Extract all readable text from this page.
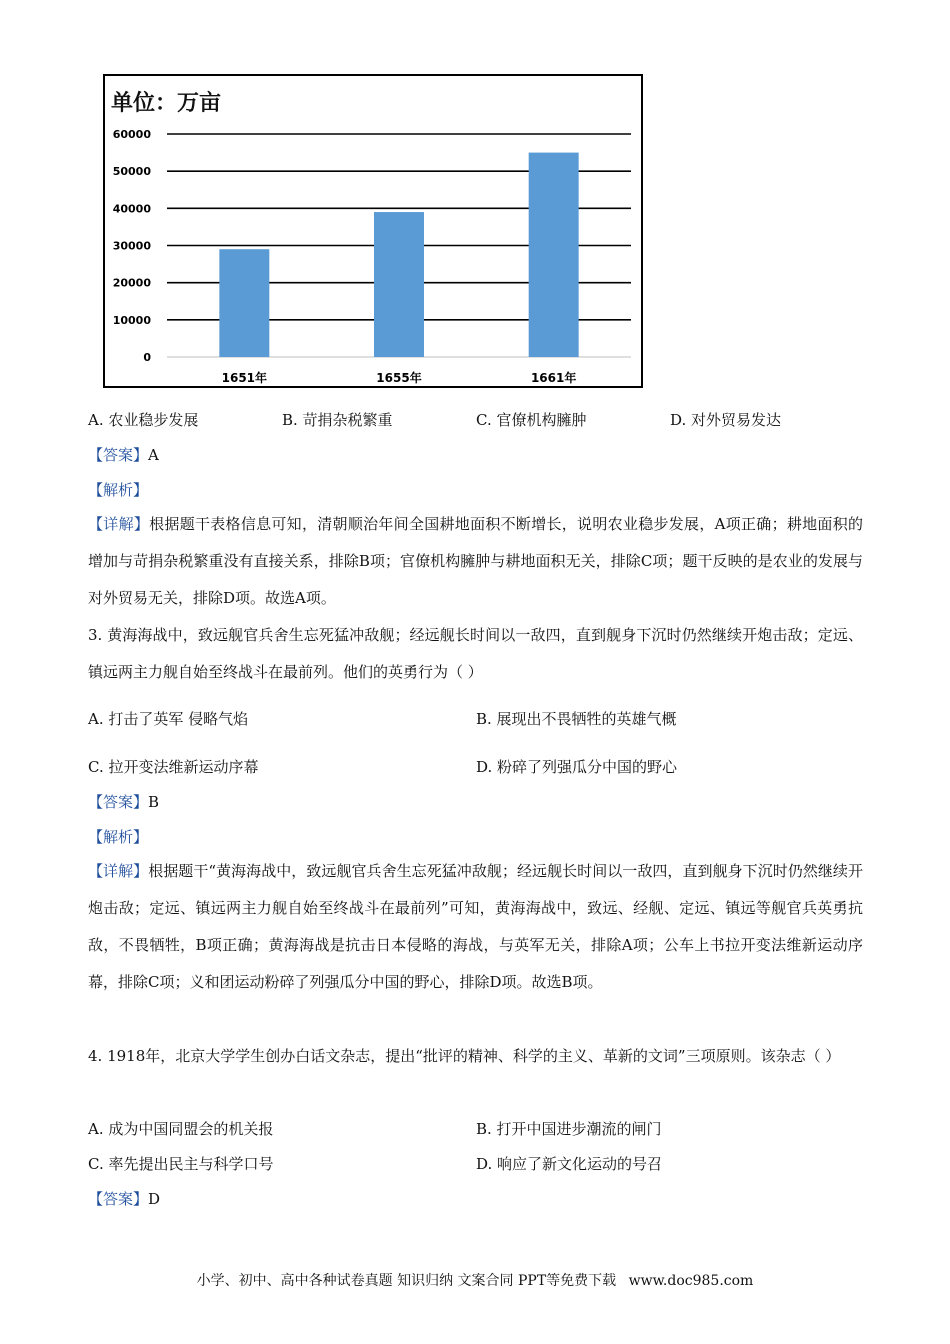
单位：万亩
0
10000
20000
30000
40000
50000
60000
1651年	1655年	1661年
A. 农业稳步发展	B. 苛捐杂税繁重	C. 官僚机构臃肿	D. 对外贸易发达
【答案】A
【解析】
【详解】根据题干表格信息可知，清朝顺治年间全国耕地面积不断增长，说明农业稳步发展，A项正确；耕地面积的增加与苛捐杂税繁重没有直接关系，排除B项；官僚机构臃肿与耕地面积无关，排除C项；题干反映的是农业的发展与对外贸易无关，排除D项。故选A项。
3. 黄海海战中，致远舰官兵舍生忘死猛冲敌舰；经远舰长时间以一敌四，直到舰身下沉时仍然继续开炮击敌；定远、镇远两主力舰自始至终战斗在最前列。他们的英勇行为（ ）
A. 打击了英军 侵略气焰	B. 展现出不畏牺牲的英雄气概
C. 拉开变法维新运动序幕	D. 粉碎了列强瓜分中国的野心
【答案】B
【解析】
【详解】根据题干“黄海海战中，致远舰官兵舍生忘死猛冲敌舰；经远舰长时间以一敌四，直到舰身下沉时仍然继续开炮击敌；定远、镇远两主力舰自始至终战斗在最前列”可知，黄海海战中，致远、经舰、定远、镇远等舰官兵英勇抗敌，不畏牺牲，B项正确；黄海海战是抗击日本侵略的海战，与英军无关，排除A项；公车上书拉开变法维新运动序幕，排除C项；义和团运动粉碎了列强瓜分中国的野心，排除D项。故选B项。
4. 1918年，北京大学学生创办白话文杂志，提出“批评的精神、科学的主义、革新的文词”三项原则。该杂志（ ）
A. 成为中国同盟会的机关报	B. 打开中国进步潮流的闸门
C. 率先提出民主与科学口号	D. 响应了新文化运动的号召
【答案】D
小学、初中、高中各种试卷真题 知识归纳 文案合同 PPT等免费下载 www.doc985.com
